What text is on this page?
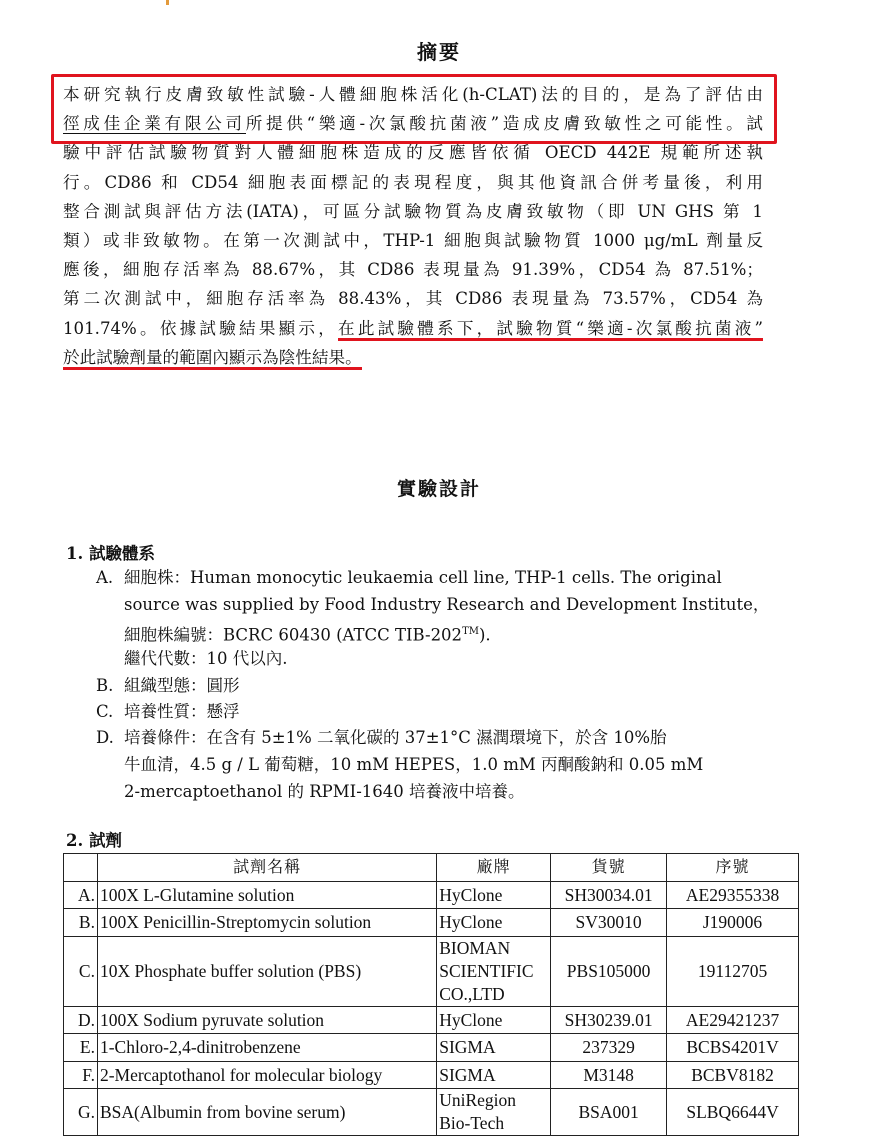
摘要
本研究執行皮膚致敏性試驗-人體細胞株活化(h-CLAT)法的目的，是為了評估由
徑成佳企業有限公司所提供“樂適-次氯酸抗菌液”造成皮膚致敏性之可能性。試
驗中評估試驗物質對人體細胞株造成的反應皆依循 OECD 442E 規範所述執
行。CD86 和 CD54 細胞表面標記的表現程度，與其他資訊合併考量後，利用
整合測試與評估方法(IATA)，可區分試驗物質為皮膚致敏物（即 UN GHS 第 1
類）或非致敏物。在第一次測試中，THP-1 細胞與試驗物質 1000 μg/mL 劑量反
應後，細胞存活率為 88.67%，其 CD86 表現量為 91.39%，CD54 為 87.51%；
第二次測試中，細胞存活率為 88.43%，其 CD86 表現量為 73.57%，CD54 為
101.74%。依據試驗結果顯示，在此試驗體系下，試驗物質“樂適-次氯酸抗菌液”
於此試驗劑量的範圍內顯示為陰性結果。
實驗設計
1. 試驗體系
A. 細胞株：Human monocytic leukaemia cell line, THP-1 cells. The original
source was supplied by Food Industry Research and Development Institute，
細胞株編號：BCRC 60430 (ATCC TIB-202™).
繼代代數：10 代以內.
B. 組織型態：圓形
C. 培養性質：懸浮
D. 培養條件：在含有 5±1% 二氧化碳的 37±1°C 濕潤環境下，於含 10%胎
牛血清，4.5 g / L 葡萄糖，10 mM HEPES，1.0 mM 丙酮酸鈉和 0.05 mM
2-mercaptoethanol 的 RPMI-1640 培養液中培養。
2. 試劑
	試劑名稱	廠牌	貨號	序號
A.	100X L-Glutamine solution	HyClone	SH30034.01	AE29355338
B.	100X Penicillin-Streptomycin solution	HyClone	SV30010	J190006
C.	10X Phosphate buffer solution (PBS)	BIOMAN
SCIENTIFIC
CO.,LTD	PBS105000	19112705
D.	100X Sodium pyruvate solution	HyClone	SH30239.01	AE29421237
E.	1-Chloro-2,4-dinitrobenzene	SIGMA	237329	BCBS4201V
F.	2-Mercaptothanol for molecular biology	SIGMA	M3148	BCBV8182
G.	BSA(Albumin from bovine serum)	UniRegion
Bio-Tech	BSA001	SLBQ6644V
